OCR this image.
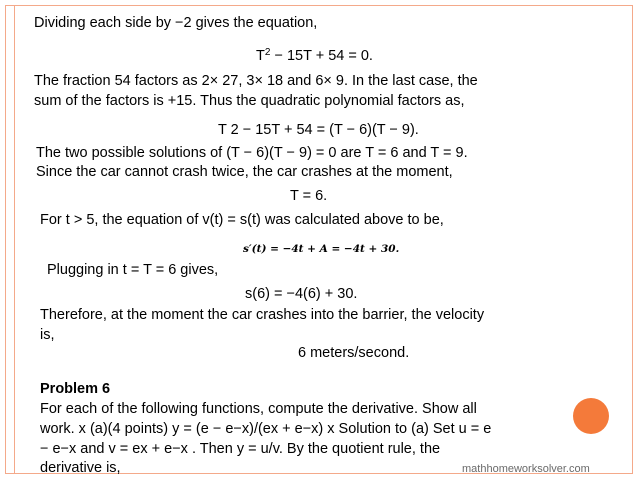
Dividing each side by −2 gives the equation,
$T^2 - 15T + 54 = 0$.
The fraction 54 factors as 2× 27, 3× 18 and 6× 9. In the last case, the
sum of the factors is +15. Thus the quadratic polynomial factors as,
T 2 − 15T + 54 = (T − 6)(T − 9).
The two possible solutions of (T − 6)(T − 9) = 0 are T = 6 and T = 9.
Since the car cannot crash twice, the car crashes at the moment,
T = 6.
For t > 5, the equation of v(t) = s(t) was calculated above to be,
s′(t) = −4t + A = −4t + 30.
Plugging in t = T = 6 gives,
s(6) = −4(6) + 30.
Therefore, at the moment the car crashes into the barrier, the velocity
is,
6 meters/second.
Problem 6
For each of the following functions, compute the derivative. Show all
work. x (a)(4 points) y = (e − e−x)/(ex + e−x) x Solution to (a) Set u = e
− e−x and v = ex + e−x . Then y = u/v. By the quotient rule, the
derivative is,	mathhomeworksolver.com
